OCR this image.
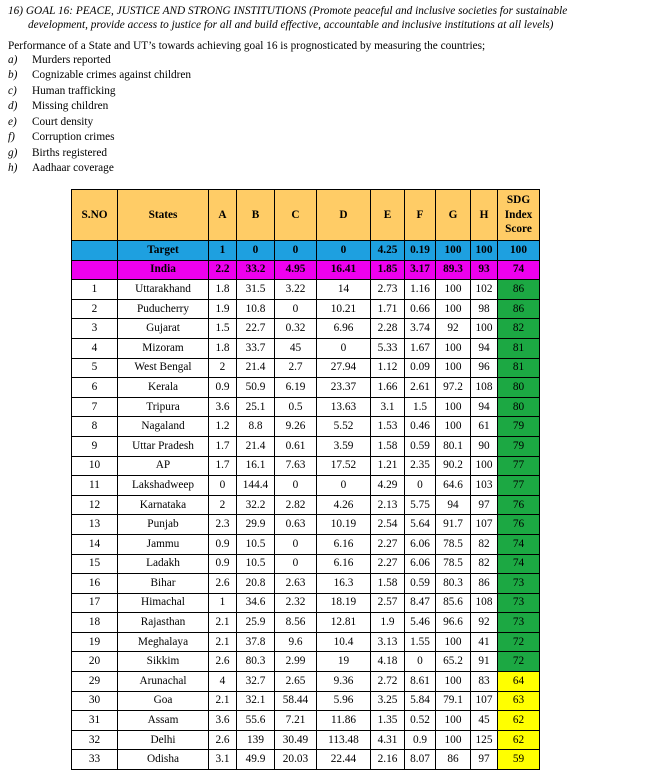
16) GOAL 16: PEACE, JUSTICE AND STRONG INSTITUTIONS (Promote peaceful and inclusive societies for sustainable
development, provide access to justice for all and build effective, accountable and inclusive institutions at all levels)
Performance of a State and UT’s towards achieving goal 16 is prognosticated by measuring the countries;
a) Murders reported
b) Cognizable crimes against children
c) Human trafficking
d) Missing children
e) Court density
f) Corruption crimes
g) Births registered
h) Aadhaar coverage
S.NO	States	A	B	C	D	E	F	G	H	SDG Index Score
	Target	1	0	0	0	4.25	0.19	100	100	100
	India	2.2	33.2	4.95	16.41	1.85	3.17	89.3	93	74
1	Uttarakhand	1.8	31.5	3.22	14	2.73	1.16	100	102	86
2	Puducherry	1.9	10.8	0	10.21	1.71	0.66	100	98	86
3	Gujarat	1.5	22.7	0.32	6.96	2.28	3.74	92	100	82
4	Mizoram	1.8	33.7	45	0	5.33	1.67	100	94	81
5	West Bengal	2	21.4	2.7	27.94	1.12	0.09	100	96	81
6	Kerala	0.9	50.9	6.19	23.37	1.66	2.61	97.2	108	80
7	Tripura	3.6	25.1	0.5	13.63	3.1	1.5	100	94	80
8	Nagaland	1.2	8.8	9.26	5.52	1.53	0.46	100	61	79
9	Uttar Pradesh	1.7	21.4	0.61	3.59	1.58	0.59	80.1	90	79
10	AP	1.7	16.1	7.63	17.52	1.21	2.35	90.2	100	77
11	Lakshadweep	0	144.4	0	0	4.29	0	64.6	103	77
12	Karnataka	2	32.2	2.82	4.26	2.13	5.75	94	97	76
13	Punjab	2.3	29.9	0.63	10.19	2.54	5.64	91.7	107	76
14	Jammu	0.9	10.5	0	6.16	2.27	6.06	78.5	82	74
15	Ladakh	0.9	10.5	0	6.16	2.27	6.06	78.5	82	74
16	Bihar	2.6	20.8	2.63	16.3	1.58	0.59	80.3	86	73
17	Himachal	1	34.6	2.32	18.19	2.57	8.47	85.6	108	73
18	Rajasthan	2.1	25.9	8.56	12.81	1.9	5.46	96.6	92	73
19	Meghalaya	2.1	37.8	9.6	10.4	3.13	1.55	100	41	72
20	Sikkim	2.6	80.3	2.99	19	4.18	0	65.2	91	72
29	Arunachal	4	32.7	2.65	9.36	2.72	8.61	100	83	64
30	Goa	2.1	32.1	58.44	5.96	3.25	5.84	79.1	107	63
31	Assam	3.6	55.6	7.21	11.86	1.35	0.52	100	45	62
32	Delhi	2.6	139	30.49	113.48	4.31	0.9	100	125	62
33	Odisha	3.1	49.9	20.03	22.44	2.16	8.07	86	97	59
